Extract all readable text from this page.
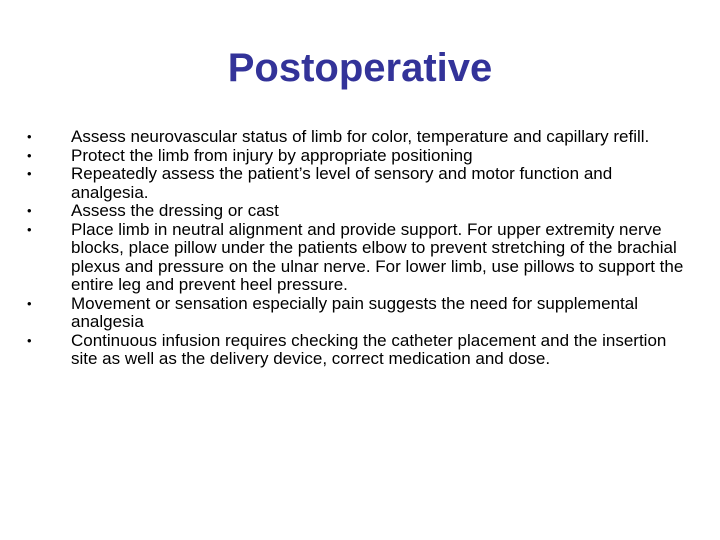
Postoperative
•	Assess neurovascular status of limb for color, temperature and capillary refill.
•	Protect the limb from injury by appropriate positioning
•	Repeatedly assess the patient’s level of sensory and motor function and analgesia.
•	Assess the dressing or cast
•	Place limb in neutral alignment and provide support. For upper extremity nerve blocks, place pillow under the patients elbow to prevent stretching of the brachial plexus and pressure on the ulnar nerve. For lower limb, use pillows to support the entire leg and prevent heel pressure.
•	Movement or sensation especially pain suggests the need for supplemental analgesia
•	Continuous infusion requires checking the catheter placement and the insertion site as well as the delivery device, correct medication and dose.
